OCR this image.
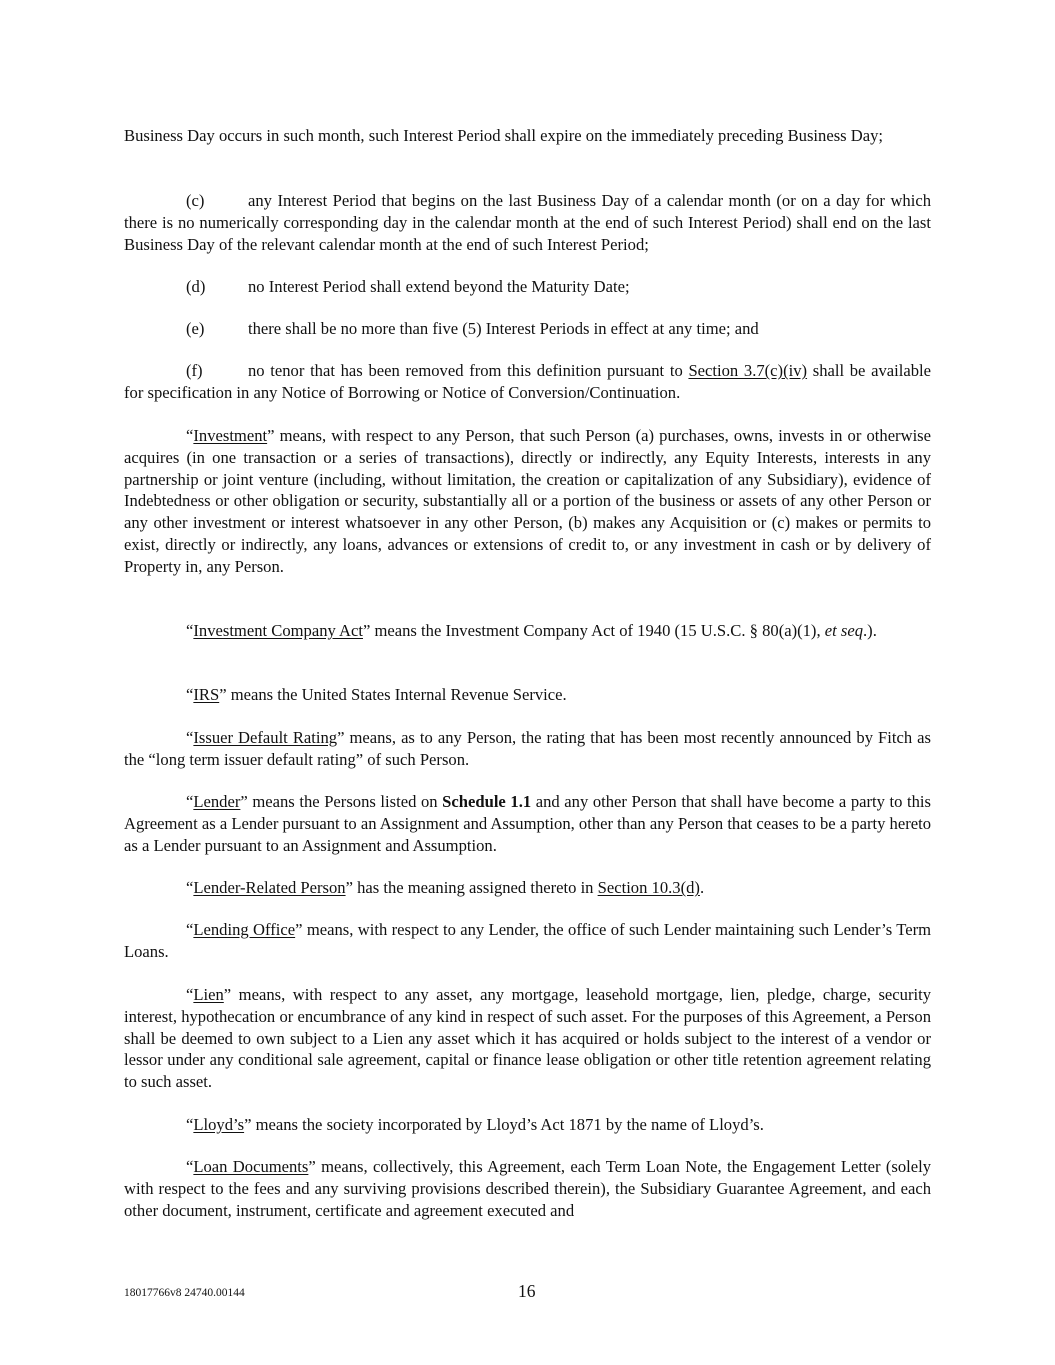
Business Day occurs in such month, such Interest Period shall expire on the immediately preceding Business Day;

(c)	any Interest Period that begins on the last Business Day of a calendar month (or on a day for which there is no numerically corresponding day in the calendar month at the end of such Interest Period) shall end on the last Business Day of the relevant calendar month at the end of such Interest Period;

(d)	no Interest Period shall extend beyond the Maturity Date;

(e)	there shall be no more than five (5) Interest Periods in effect at any time; and

(f)	no tenor that has been removed from this definition pursuant to Section 3.7(c)(iv) shall be available for specification in any Notice of Borrowing or Notice of Conversion/Continuation.

“Investment” means, with respect to any Person, that such Person (a) purchases, owns, invests in or otherwise acquires (in one transaction or a series of transactions), directly or indirectly, any Equity Interests, interests in any partnership or joint venture (including, without limitation, the creation or capitalization of any Subsidiary), evidence of Indebtedness or other obligation or security, substantially all or a portion of the business or assets of any other Person or any other investment or interest whatsoever in any other Person, (b) makes any Acquisition or (c) makes or permits to exist, directly or indirectly, any loans, advances or extensions of credit to, or any investment in cash or by delivery of Property in, any Person.

“Investment Company Act” means the Investment Company Act of 1940 (15 U.S.C. § 80(a)(1), et seq.).

“IRS” means the United States Internal Revenue Service.

“Issuer Default Rating” means, as to any Person, the rating that has been most recently announced by Fitch as the “long term issuer default rating” of such Person.

“Lender” means the Persons listed on Schedule 1.1 and any other Person that shall have become a party to this Agreement as a Lender pursuant to an Assignment and Assumption, other than any Person that ceases to be a party hereto as a Lender pursuant to an Assignment and Assumption.

“Lender-Related Person” has the meaning assigned thereto in Section 10.3(d).

“Lending Office” means, with respect to any Lender, the office of such Lender maintaining such Lender’s Term Loans.

“Lien” means, with respect to any asset, any mortgage, leasehold mortgage, lien, pledge, charge, security interest, hypothecation or encumbrance of any kind in respect of such asset. For the purposes of this Agreement, a Person shall be deemed to own subject to a Lien any asset which it has acquired or holds subject to the interest of a vendor or lessor under any conditional sale agreement, capital or finance lease obligation or other title retention agreement relating to such asset.

“Lloyd’s” means the society incorporated by Lloyd’s Act 1871 by the name of Lloyd’s.

“Loan Documents” means, collectively, this Agreement, each Term Loan Note, the Engagement Letter (solely with respect to the fees and any surviving provisions described therein), the Subsidiary Guarantee Agreement, and each other document, instrument, certificate and agreement executed and

18017766v8 24740.00144	16
